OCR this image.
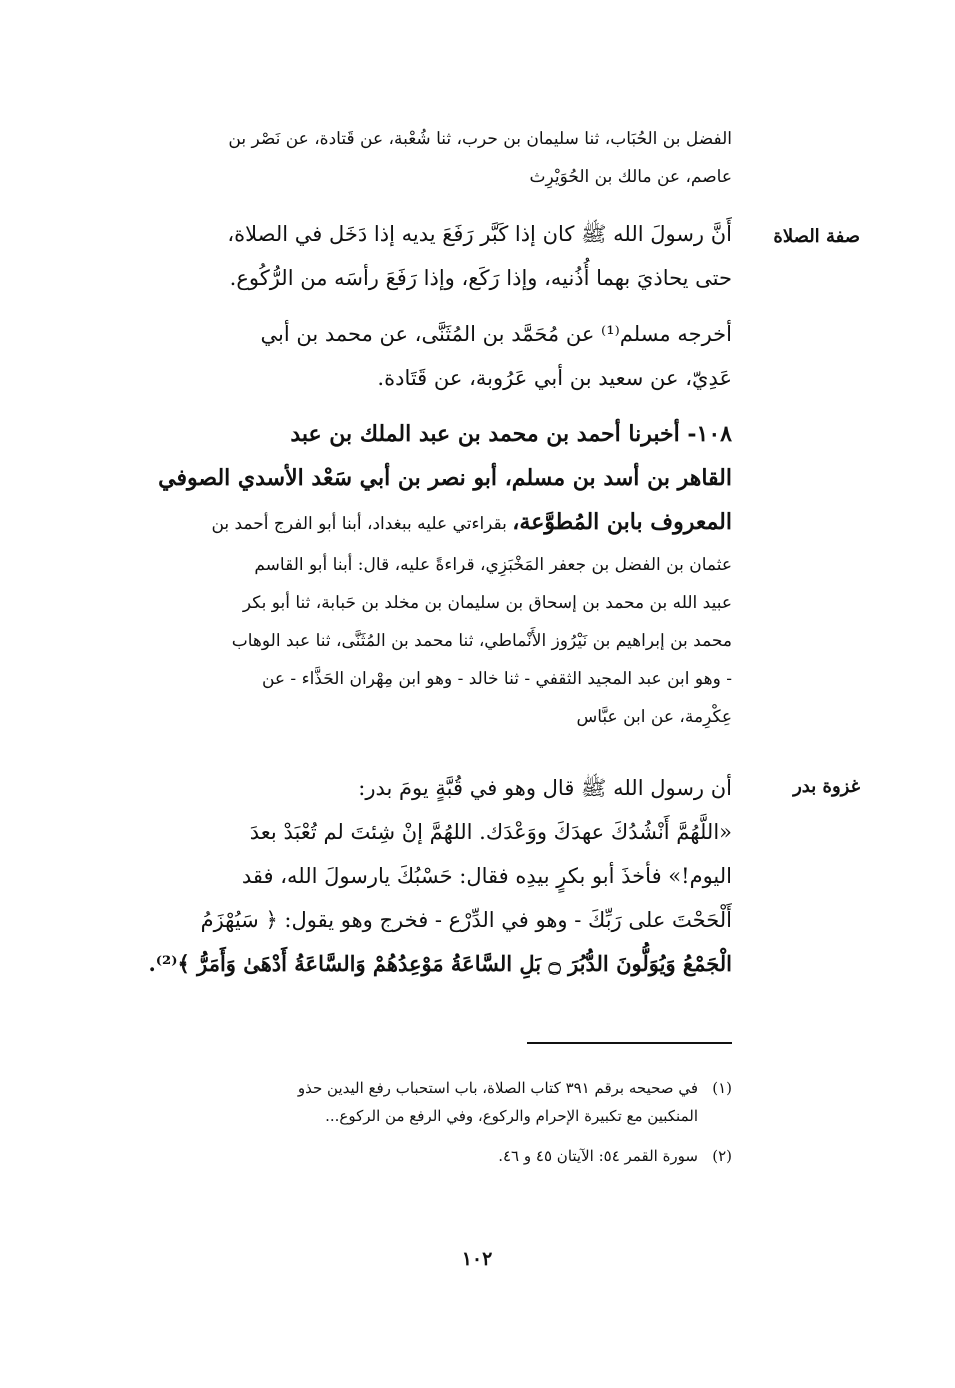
الفضل بن الحُبَاب، ثنا سليمان بن حرب، ثنا شُعْبة، عن قَتادة، عن نَصْر بن
عاصم، عن مالك بن الحُوَيْرِث
صفة الصلاة
أَنَّ رسولَ الله ﷺ كان إذا كَبَّر رَفَعَ يديه إذا دَخَل في الصلاة،
حتى يحاذيَ بهما أُذُنيه، وإذا رَكَع، وإذا رَفَعَ رأسَه من الرُّكُوع.
أخرجه مسلم⁽¹⁾ عن مُحَمَّد بن المُثَنَّى، عن محمد بن أبي
عَدِيّ، عن سعيد بن أبي عَرُوبة، عن قَتَادة.
١٠٨- أخبرنا أحمد بن محمد بن عبد الملك بن عبد
القاهر بن أسد بن مسلم، أبو نصر بن أبي سَعْد الأسدي الصوفي
المعروف بابن المُطوَّعة، بقراءتي عليه ببغداد، أبنا أبو الفرج أحمد بن
عثمان بن الفضل بن جعفر المَخْبَزِي، قراءةً عليه، قال: أبنا أبو القاسم
عبيد الله بن محمد بن إسحاق بن سليمان بن مخلد بن حَبابة، ثنا أبو بكر
محمد بن إبراهيم بن نَيْرُوز الأَنْماطي، ثنا محمد بن المُثَنَّى، ثنا عبد الوهاب
- وهو ابن عبد المجيد الثقفي - ثنا خالد - وهو ابن مِهْران الحَذَّاء - عن
عِكْرِمة، عن ابن عبَّاس
غزوة بدر
أن رسول الله ﷺ قال وهو في قُبَّةٍ يومَ بدر:
«اللَّهُمَّ أَنْشُدُكَ عهدَكَ ووَعْدَك. اللهُمَّ إنْ شِئتَ لم تُعْبَدْ بعدَ
اليوم!» فأخذَ أبو بكرٍ بيدِه فقال: حَسْبُكَ يارسولَ الله، فقد
أَلْحَحْتَ على رَبِّكَ - وهو في الدِّرْع - فخرج وهو يقول: ﴿ سَيُهْزَمُ
الْجَمْعُ وَيُوَلُّونَ الدُّبُرَ ۝ بَلِ السَّاعَةُ مَوْعِدُهُمْ وَالسَّاعَةُ أَدْهَىٰ وَأَمَرُّ ﴾⁽²⁾.
(١)في صحيحه برقم ٣٩١ كتاب الصلاة، باب استحباب رفع اليدين حذو
المنكبين مع تكبيرة الإحرام والركوع، وفي الرفع من الركوع...
(٢)سورة القمر ٥٤: الآيتان ٤٥ و ٤٦.
١٠٢
